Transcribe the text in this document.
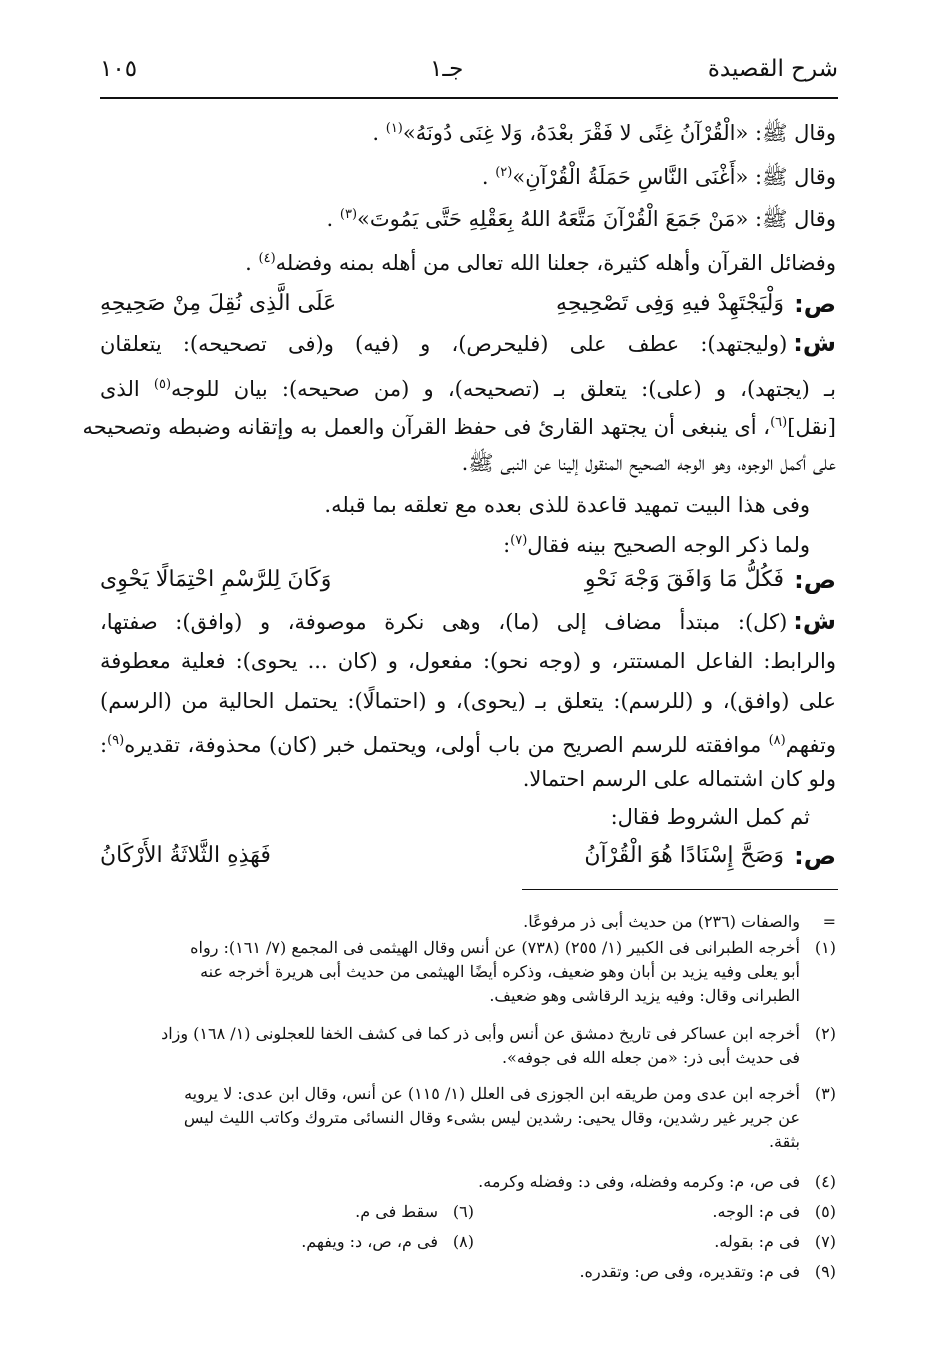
شرح القصيدة
جـ١
١٠٥
وقال ﷺ: «الْقُرْآنُ غِنًى لا فَقْرَ بعْدَهُ، وَلا غِنَى دُونَهُ»$^{(١)}$ .
وقال ﷺ: «أَغْنَى النَّاسِ حَمَلَةُ الْقُرْآنِ»$^{(٢)}$ .
وقال ﷺ: «مَنْ جَمَعَ الْقُرْآنَ مَتَّعَهُ اللهُ بِعَقْلِهِ حَتَّى يَمُوتَ»$^{(٣)}$ .
وفضائل القرآن وأهله كثيرة، جعلنا الله تعالى من أهله بمنه وفضله$^{(٤)}$ .
ص:
وَلْيَجْتَهِدْ فيهِ وَفِى تَصْحِيحِهِ
عَلَى الَّذِى نُقِلَ مِنْ صَحِيحِهِ
ش:(وليجتهد): عطف على (فليحرص)، و (فيه) و(فى تصحيحه): يتعلقان
بـ (يجتهد)، و (على): يتعلق بـ (تصحيحه)، و (من صحيحه): بيان للوجه$^{(٥)}$ الذى
[نقل]$^{(٦)}$، أى ينبغى أن يجتهد القارئ فى حفظ القرآن والعمل به وإتقانه وضبطه وتصحيحه
على أكمل الوجوه، وهو الوجه الصحيح المنقول إلينا عن النبى ﷺ.
وفى هذا البيت تمهيد قاعدة للذى بعده مع تعلقه بما قبله.
ولما ذكر الوجه الصحيح بينه فقال$^{(٧)}$:
ص:
فَكُلُّ مَا وَافَقَ وَجْهَ نَحْوِ
وَكَانَ لِلرَّسْمِ احْتِمَالًا يَحْوِى
ش:(كل): مبتدأ مضاف إلى (ما)، وهى نكرة موصوفة، و (وافق): صفتها،
والرابط: الفاعل المستتر، و (وجه نحو): مفعول، و (كان ... يحوى): فعلية معطوفة
على (وافق)، و (للرسم): يتعلق بـ (يحوى)، و (احتمالًا): يحتمل الحالية من (الرسم)
وتفهم$^{(٨)}$ موافقته للرسم الصريح من باب أولى، ويحتمل خبر (كان) محذوفة، تقديره$^{(٩)}$:
ولو كان اشتماله على الرسم احتمالا.
ثم كمل الشروط فقال:
ص:
وَصَحَّ إِسْنَادًا هُوَ الْقُرْآنُ
فَهَذِهِ الثَّلاثَةُ الأَرْكَانُ
=
والصفات (٢٣٦) من حديث أبى ذر مرفوعًا.
(١)
أخرجه الطبرانى فى الكبير (١/ ٢٥٥) (٧٣٨) عن أنس وقال الهيثمى فى المجمع (٧/ ١٦١): رواه
أبو يعلى وفيه يزيد بن أبان وهو ضعيف، وذكره أيضًا الهيثمى من حديث أبى هريرة أخرجه عنه
الطبرانى وقال: وفيه يزيد الرقاشى وهو ضعيف.
(٢)
أخرجه ابن عساكر فى تاريخ دمشق عن أنس وأبى ذر كما فى كشف الخفا للعجلونى (١/ ١٦٨) وزاد
فى حديث أبى ذر: «من جعله الله فى جوفه».
(٣)
أخرجه ابن عدى ومن طريقه ابن الجوزى فى العلل (١/ ١١٥) عن أنس، وقال ابن عدى: لا يرويه
عن جرير غير رشدين، وقال يحيى: رشدين ليس بشىء وقال النسائى متروك وكاتب الليث ليس
بثقة.
(٤)
فى ص، م: وكرمه وفضله، وفى د: وفضله وكرمه.
(٥)
فى م: الوجه.
(٦)
سقط فى م.
(٧)
فى م: بقوله.
(٨)
فى م، ص، د: ويفهم.
(٩)
فى م: وتقديره، وفى ص: وتقدره.
